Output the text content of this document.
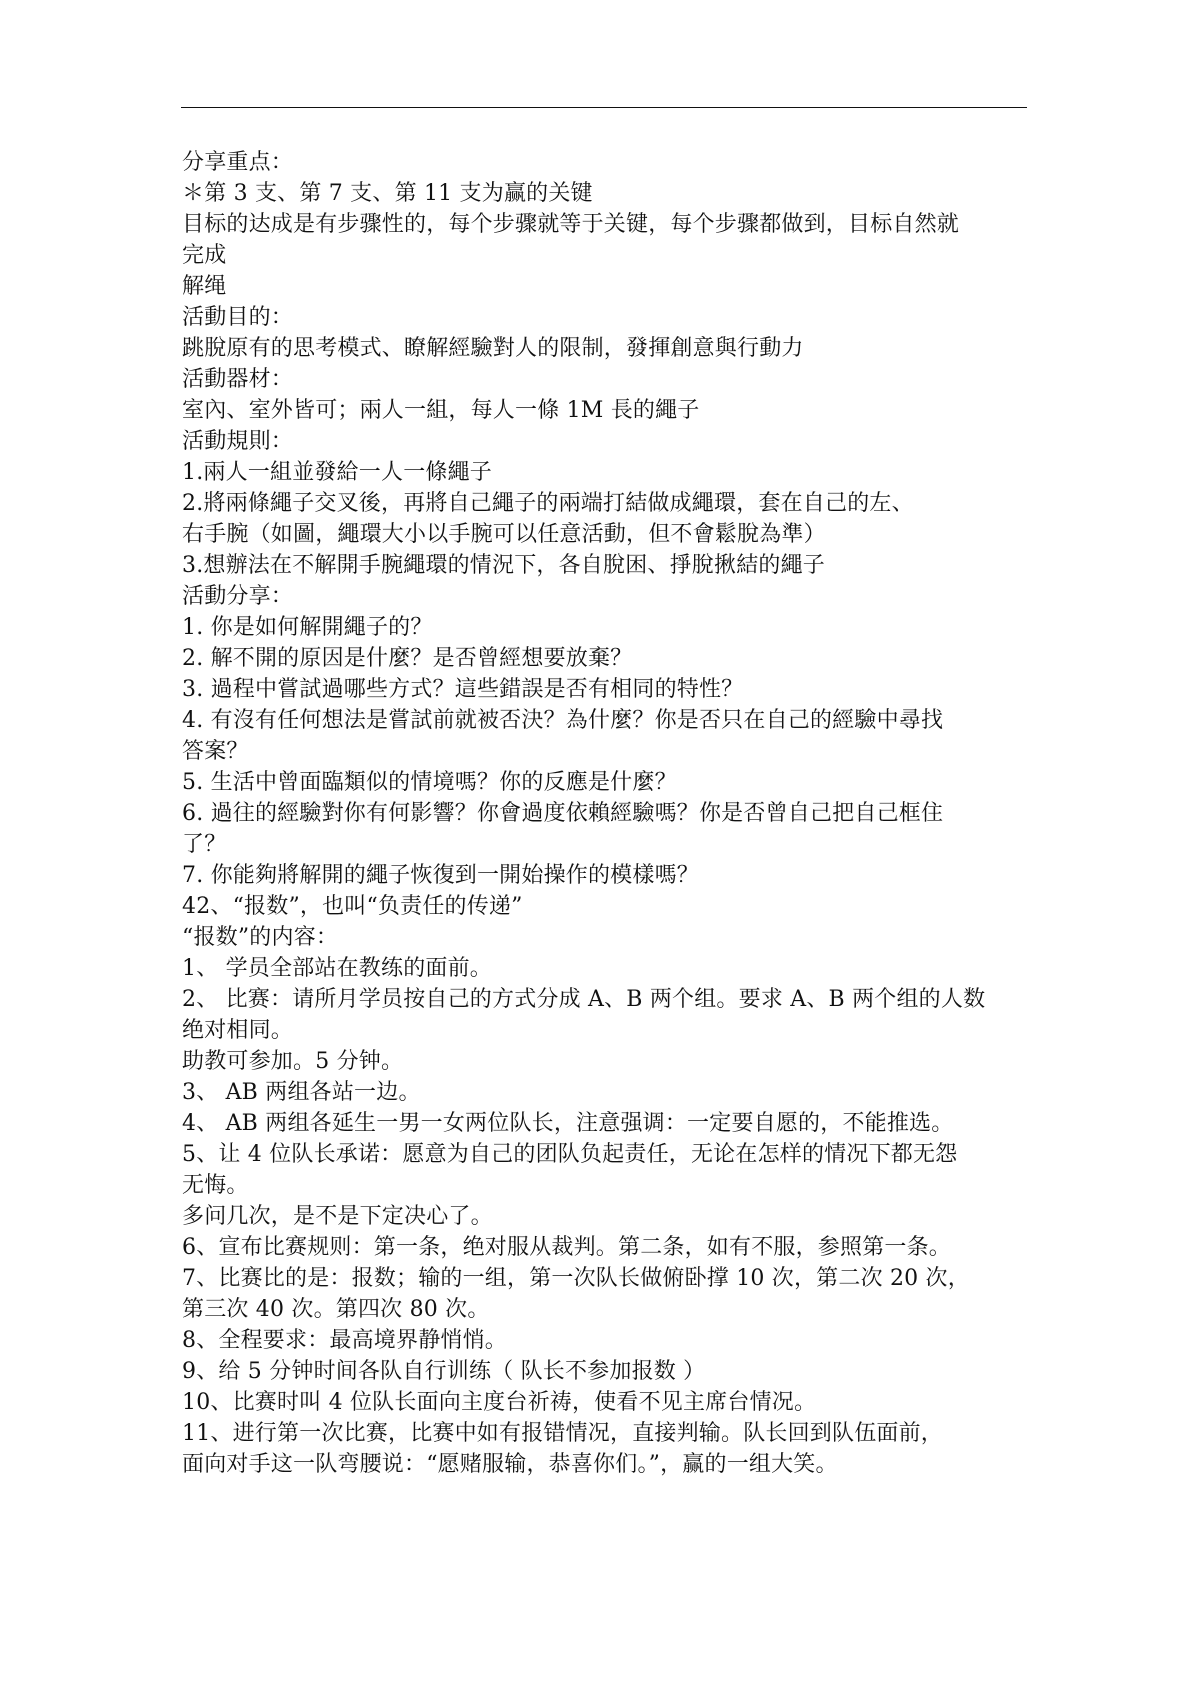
分享重点：
＊第 3 支、第 7 支、第 11 支为赢的关键
目标的达成是有步骤性的，每个步骤就等于关键，每个步骤都做到，目标自然就
完成
解绳
活動目的：
跳脫原有的思考模式、瞭解經驗對人的限制，發揮創意與行動力
活動器材：
室內、室外皆可；兩人一組，每人一條 1M 長的繩子
活動規則：
1.兩人一組並發給一人一條繩子
2.將兩條繩子交叉後，再將自己繩子的兩端打結做成繩環，套在自己的左、
右手腕（如圖，繩環大小以手腕可以任意活動，但不會鬆脫為準）
3.想辦法在不解開手腕繩環的情況下，各自脫困、掙脫揪結的繩子
活動分享：
1. 你是如何解開繩子的？
2. 解不開的原因是什麼？是否曾經想要放棄？
3. 過程中嘗試過哪些方式？這些錯誤是否有相同的特性？
4. 有沒有任何想法是嘗試前就被否決？為什麼？你是否只在自己的經驗中尋找
答案？
5. 生活中曾面臨類似的情境嗎？你的反應是什麼？
6. 過往的經驗對你有何影響？你會過度依賴經驗嗎？你是否曾自己把自己框住
了？
7. 你能夠將解開的繩子恢復到一開始操作的模樣嗎？
42、“报数”，也叫“负责任的传递”
“报数”的内容：
1、 学员全部站在教练的面前。
2、 比赛：请所月学员按自己的方式分成 A、B 两个组。要求 A、B 两个组的人数
绝对相同。
助教可参加。5 分钟。
3、 AB 两组各站一边。
4、 AB 两组各延生一男一女两位队长，注意强调：一定要自愿的，不能推选。
5、让 4 位队长承诺：愿意为自己的团队负起责任，无论在怎样的情况下都无怨
无悔。
多问几次，是不是下定决心了。
6、宣布比赛规则：第一条，绝对服从裁判。第二条，如有不服，参照第一条。
7、比赛比的是：报数；输的一组，第一次队长做俯卧撑 10 次，第二次 20 次，
第三次 40 次。第四次 80 次。
8、全程要求：最高境界静悄悄。
9、给 5 分钟时间各队自行训练（ 队长不参加报数 ）
10、比赛时叫 4 位队长面向主度台祈祷，使看不见主席台情况。
11、进行第一次比赛，比赛中如有报错情况，直接判输。队长回到队伍面前，
面向对手这一队弯腰说：“愿赌服输，恭喜你们。”，赢的一组大笑。
